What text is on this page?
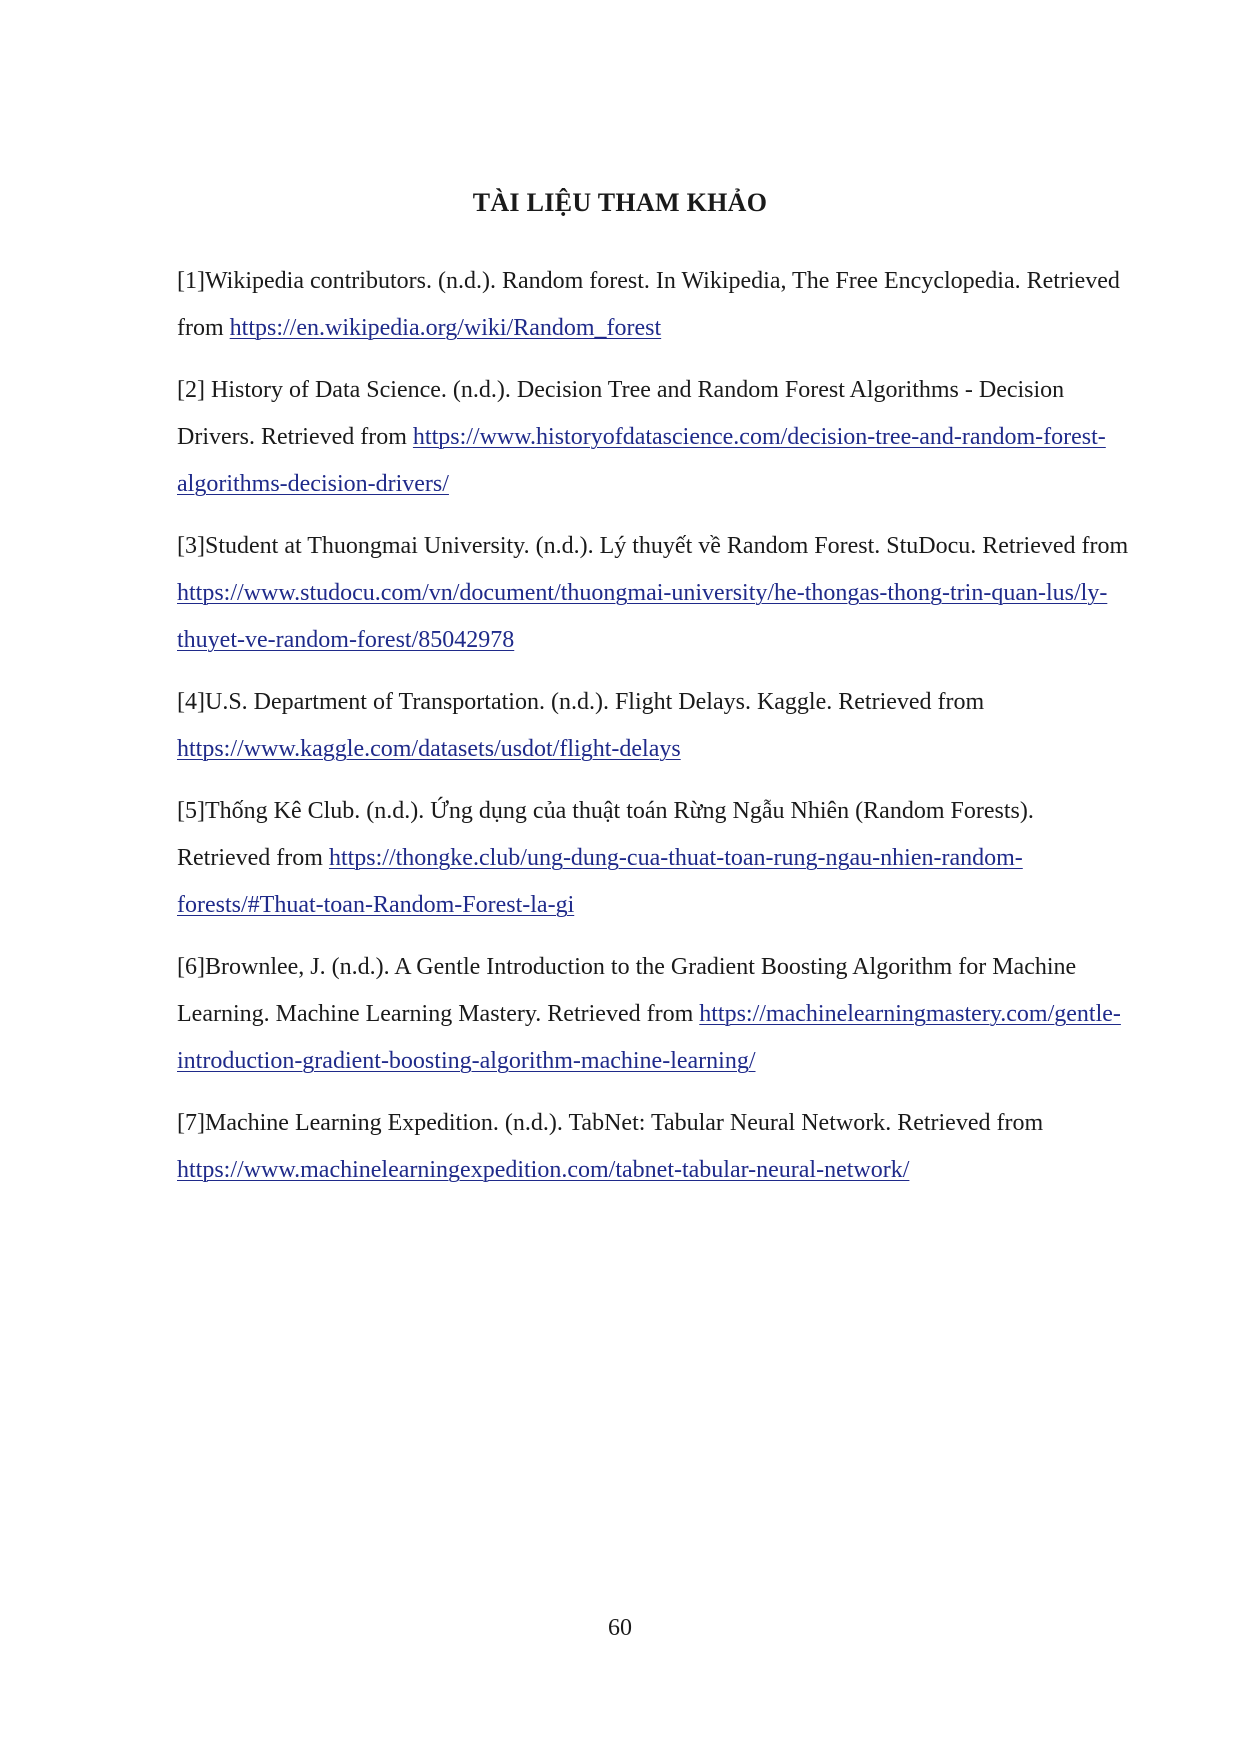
TÀI LIỆU THAM KHẢO
[1]Wikipedia contributors. (n.d.). Random forest. In Wikipedia, The Free Encyclopedia. Retrieved from https://en.wikipedia.org/wiki/Random_forest
[2] History of Data Science. (n.d.). Decision Tree and Random Forest Algorithms - Decision Drivers. Retrieved from https://www.historyofdatascience.com/decision-tree-and-random-forest-algorithms-decision-drivers/
[3]Student at Thuongmai University. (n.d.). Lý thuyết về Random Forest. StuDocu. Retrieved from https://www.studocu.com/vn/document/thuongmai-university/he-thongas-thong-trin-quan-lus/ly-thuyet-ve-random-forest/85042978
[4]U.S. Department of Transportation. (n.d.). Flight Delays. Kaggle. Retrieved from https://www.kaggle.com/datasets/usdot/flight-delays
[5]Thống Kê Club. (n.d.). Ứng dụng của thuật toán Rừng Ngẫu Nhiên (Random Forests). Retrieved from https://thongke.club/ung-dung-cua-thuat-toan-rung-ngau-nhien-random-forests/#Thuat-toan-Random-Forest-la-gi
[6]Brownlee, J. (n.d.). A Gentle Introduction to the Gradient Boosting Algorithm for Machine Learning. Machine Learning Mastery. Retrieved from https://machinelearningmastery.com/gentle-introduction-gradient-boosting-algorithm-machine-learning/
[7]Machine Learning Expedition. (n.d.). TabNet: Tabular Neural Network. Retrieved from https://www.machinelearningexpedition.com/tabnet-tabular-neural-network/
60
